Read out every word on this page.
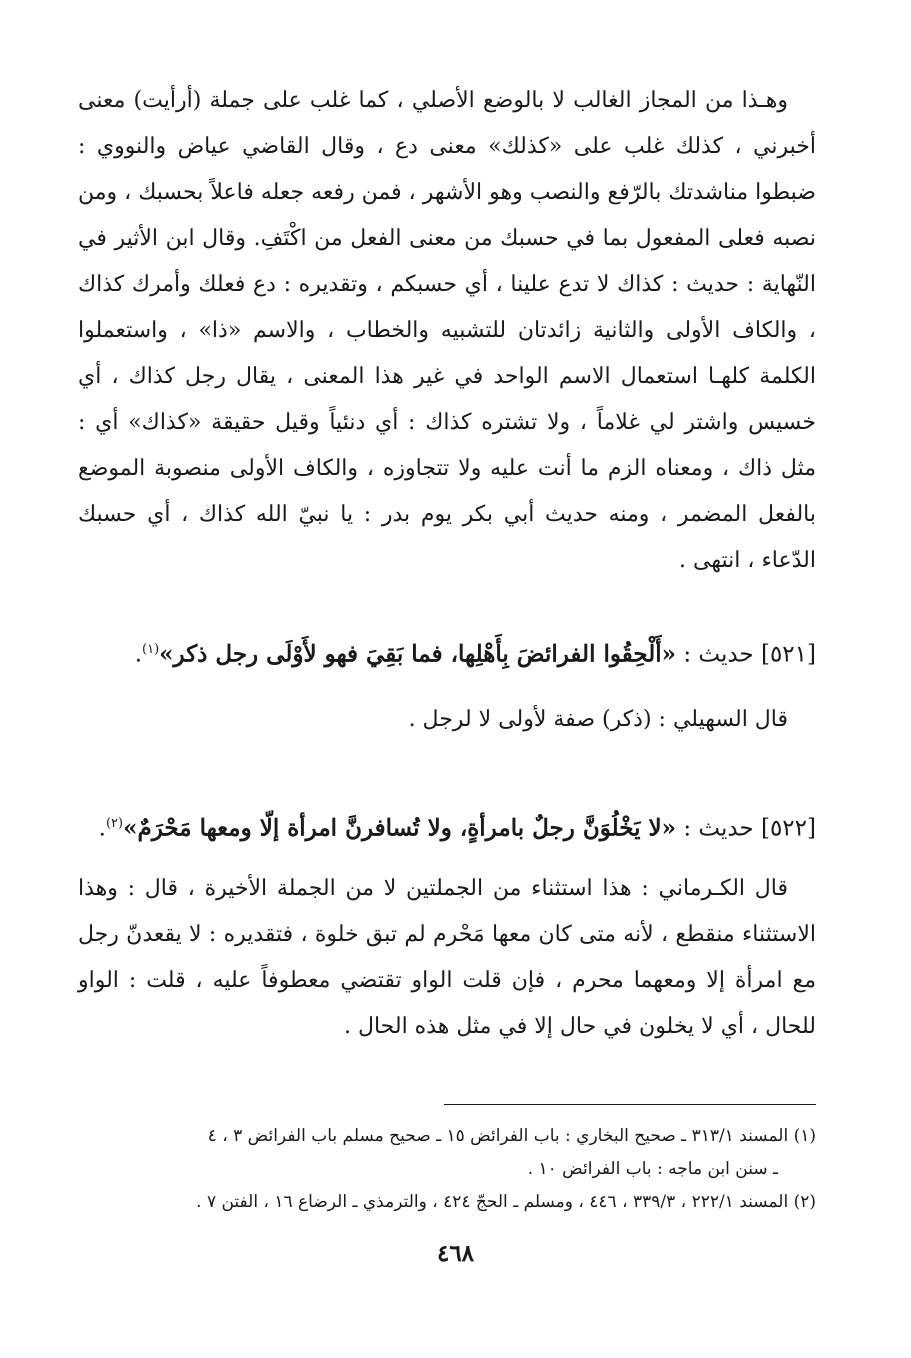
وهـذا من المجاز الغالب لا بالوضع الأصلي ، كما غلب على جملة (أرأيت) معنى أخبرني ، كذلك غلب على «كذلك» معنى دع ، وقال القاضي عياض والنووي : ضبطوا مناشدتك بالرّفع والنصب وهو الأشهر ، فمن رفعه جعله فاعلاً بحسبك ، ومن نصبه فعلى المفعول بما في حسبك من معنى الفعل من اكْتَفِ. وقال ابن الأثير في النّهاية : حديث : كذاك لا تدع علينا ، أي حسبكم ، وتقديره : دع فعلك وأمرك كذاك ، والكاف الأولى والثانية زائدتان للتشبيه والخطاب ، والاسم «ذا» ، واستعملوا الكلمة كلهـا استعمال الاسم الواحد في غير هذا المعنى ، يقال رجل كذاك ، أي خسيس واشتر لي غلاماً ، ولا تشتره كذاك : أي دنئياً وقيل حقيقة «كذاك» أي : مثل ذاك ، ومعناه الزم ما أنت عليه ولا تتجاوزه ، والكاف الأولى منصوبة الموضع بالفعل المضمر ، ومنه حديث أبي بكر يوم بدر : يا نبيّ الله كذاك ، أي حسبك الدّعاء ، انتهى .

[٥٢١] حديث : «أَلْحِقُوا الفرائضَ بِأَهْلِها، فما بَقِيَ فهو لأَوْلَى رجل ذكر»$^{(١)}$.

قال السهيلي : (ذكر) صفة لأولى لا لرجل .

[٥٢٢] حديث : «لا يَخْلُوَنَّ رجلٌ بامرأةٍ، ولا تُسافرنَّ امرأة إلّا ومعها مَحْرَمٌ»$^{(٢)}$.

قال الكـرماني : هذا استثناء من الجملتين لا من الجملة الأخيرة ، قال : وهذا الاستثناء منقطع ، لأنه متى كان معها مَحْرم لم تبق خلوة ، فتقديره : لا يقعدنّ رجل مع امرأة إلا ومعهما محرم ، فإن قلت الواو تقتضي معطوفاً عليه ، قلت : الواو للحال ، أي لا يخلون في حال إلا في مثل هذه الحال .

(١) المسند ٣١٣/١ ـ صحيح البخاري : باب الفرائض ١٥ ـ صحيح مسلم باب الفرائض ٣ ، ٤

ـ سنن ابن ماجه : باب الفرائض ١٠ .

(٢) المسند ٢٢٢/١ ، ٣٣٩/٣ ، ٤٤٦ ، ومسلم ـ الحجّ ٤٢٤ ، والترمذي ـ الرضاع ١٦ ، الفتن ٧ .

٤٦٨
